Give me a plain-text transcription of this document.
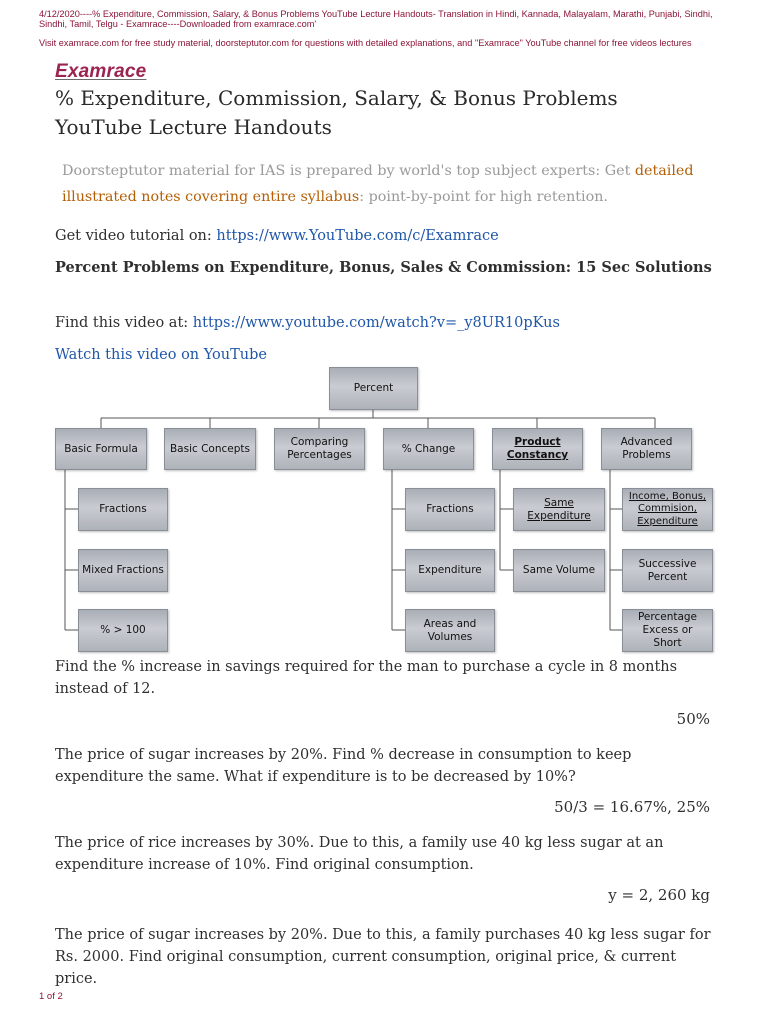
4/12/2020----% Expenditure, Commission, Salary, & Bonus Problems YouTube Lecture Handouts- Translation in Hindi, Kannada, Malayalam, Marathi, Punjabi, Sindhi, Sindhi, Tamil, Telgu - Examrace----Downloaded from examrace.com'
Visit examrace.com for free study material, doorsteptutor.com for questions with detailed explanations, and "Examrace" YouTube channel for free videos lectures
Examrace
% Expenditure, Commission, Salary, & Bonus Problems
YouTube Lecture Handouts
Doorsteptutor material for IAS is prepared by world's top subject experts: Get detailed illustrated notes covering entire syllabus: point-by-point for high retention.
Get video tutorial on: https://www.YouTube.com/c/Examrace
Percent Problems on Expenditure, Bonus, Sales & Commission: 15 Sec Solutions
Find this video at: https://www.youtube.com/watch?v=_y8UR10pKus
Watch this video on YouTube
Percent
Basic Formula	Basic Concepts
Comparing Percentages
% Change
Product Constancy
Advanced Problems
Fractions
Mixed Fractions
% > 100
Fractions
Expenditure
Areas and Volumes
Same Expenditure
Same Volume
Income, Bonus, Commision, Expenditure
Successive Percent
Percentage Excess or Short
Find the % increase in savings required for the man to purchase a cycle in 8 months instead of 12.
50%
The price of sugar increases by 20%. Find % decrease in consumption to keep expenditure the same. What if expenditure is to be decreased by 10%?
50/3 = 16.67%, 25%
The price of rice increases by 30%. Due to this, a family use 40 kg less sugar at an expenditure increase of 10%. Find original consumption.
y = 2, 260 kg
The price of sugar increases by 20%. Due to this, a family purchases 40 kg less sugar for Rs. 2000. Find original consumption, current consumption, original price, & current price.
1 of 2
